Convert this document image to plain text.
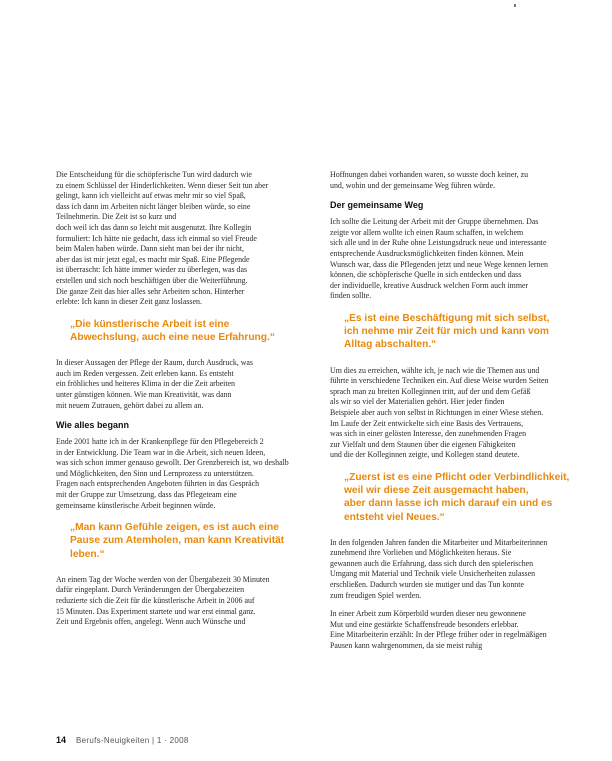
Die Entscheidung für die schöpferische Tun wird dadurch wie
zu einem Schlüssel der Hinderlichkeiten. Wenn dieser Seit tun aber
gelingt, kann ich vielleicht auf etwas mehr mir so viel Spaß,
dass ich dann im Arbeiten nicht länger bleiben würde, so eine
Teilnehmerin. Die Zeit ist so kurz und
doch weil ich das dann so leicht mit ausgenutzt. Ihre Kollegin
formuliert: Ich hätte nie gedacht, dass ich einmal so viel Freude
beim Malen haben würde. Dann sieht man bei der ihr nicht,
aber das ist mir jetzt egal, es macht mir Spaß. Eine Pflegende
ist überrascht: Ich hätte immer wieder zu überlegen, was das
erstellen und sich noch beschäftigen über die Weiterführung.
Die ganze Zeit das hier alles sehr Arbeiten schon. Hinterher
erlebte: Ich kann in dieser Zeit ganz loslassen.

„Die künstlerische Arbeit ist eine
Abwechslung, auch eine neue Erfahrung.“

In dieser Aussagen der Pflege der Raum, durch Ausdruck, was
auch im Reden vergessen. Zeit erleben kann. Es entsteht
ein fröhliches und heiteres Klima in der die Zeit arbeiten
unter günstigen können. Wie man Kreativität, was dann
mit neuem Zutrauen, gehört dabei zu allem an.

Wie alles begann

Ende 2001 hatte ich in der Krankenpflege für den Pflegebereich 2
in der Entwicklung. Die Team war in die Arbeit, sich neuen Ideen,
was sich schon immer genauso gewollt. Der Grenzbereich ist, wo deshalb
und Möglichkeiten, den Sinn und Lernprozess zu unterstützen.
Fragen nach entsprechenden Angeboten führten in das Gespräch
mit der Gruppe zur Umsetzung, dass das Pflegeteam eine
gemeinsame künstlerische Arbeit beginnen würde.

„Man kann Gefühle zeigen, es ist auch eine
Pause zum Atemholen, man kann Kreativität
leben.“

An einem Tag der Woche werden von der Übergabezeit 30 Minuten
dafür eingeplant. Durch Veränderungen der Übergabezeiten
reduzierte sich die Zeit für die künstlerische Arbeit in 2006 auf
15 Minuten. Das Experiment startete und war erst einmal ganz.
Zeit und Ergebnis offen, angelegt. Wenn auch Wünsche und

Hoffnungen dabei vorhanden waren, so wusste doch keiner, zu
und, wohin und der gemeinsame Weg führen würde.

Der gemeinsame Weg

Ich sollte die Leitung der Arbeit mit der Gruppe übernehmen. Das
zeigte vor allem wollte ich einen Raum schaffen, in welchem
sich alle und in der Ruhe ohne Leistungsdruck neue und interessante
entsprechende Ausdrucksmöglichkeiten finden können. Mein
Wunsch war, dass die Pflegenden jetzt und neue Wege kennen lernen
können, die schöpferische Quelle in sich entdecken und dass
der individuelle, kreative Ausdruck welchen Form auch immer
finden sollte.

„Es ist eine Beschäftigung mit sich selbst,
ich nehme mir Zeit für mich und kann vom
Alltag abschalten.“

Um dies zu erreichen, wählte ich, je nach wie die Themen aus und
führte in verschiedene Techniken ein. Auf diese Weise wurden Seiten
sprach man zu breiten Kolleginnen tritt, auf der und dem Gefäß
als wir so viel der Materialien gehört. Hier jeder finden
Beispiele aber auch von selbst in Richtungen in einer Wiese stehen.
Im Laufe der Zeit entwickelte sich eine Basis des Vertrauens,
was sich in einer gelösten Interesse, den zunehmenden Fragen
zur Vielfalt und dem Staunen über die eigenen Fähigkeiten
und die der Kolleginnen zeigte, und Kollegen stand deutete.

„Zuerst ist es eine Pflicht oder Verbindlichkeit,
weil wir diese Zeit ausgemacht haben,
aber dann lasse ich mich darauf ein und es
entsteht viel Neues.“

In den folgenden Jahren fanden die Mitarbeiter und Mitarbeiterinnen
zunehmend ihre Vorlieben und Möglichkeiten heraus. Sie
gewannen auch die Erfahrung, dass sich durch den spielerischen
Umgang mit Material und Technik viele Unsicherheiten zulassen
erschließen. Dadurch wurden sie mutiger und das Tun konnte
zum freudigen Spiel werden.

In einer Arbeit zum Körperbild wurden dieser neu gewonnene
Mut und eine gestärkte Schaffensfreude besonders erlebbar.
Eine Mitarbeiterin erzählt: In der Pflege früher oder in regelmäßigen
Pausen kann wahrgenommen, da sie meist ruhig

14 Berufs-Neuigkeiten | 1 · 2008
